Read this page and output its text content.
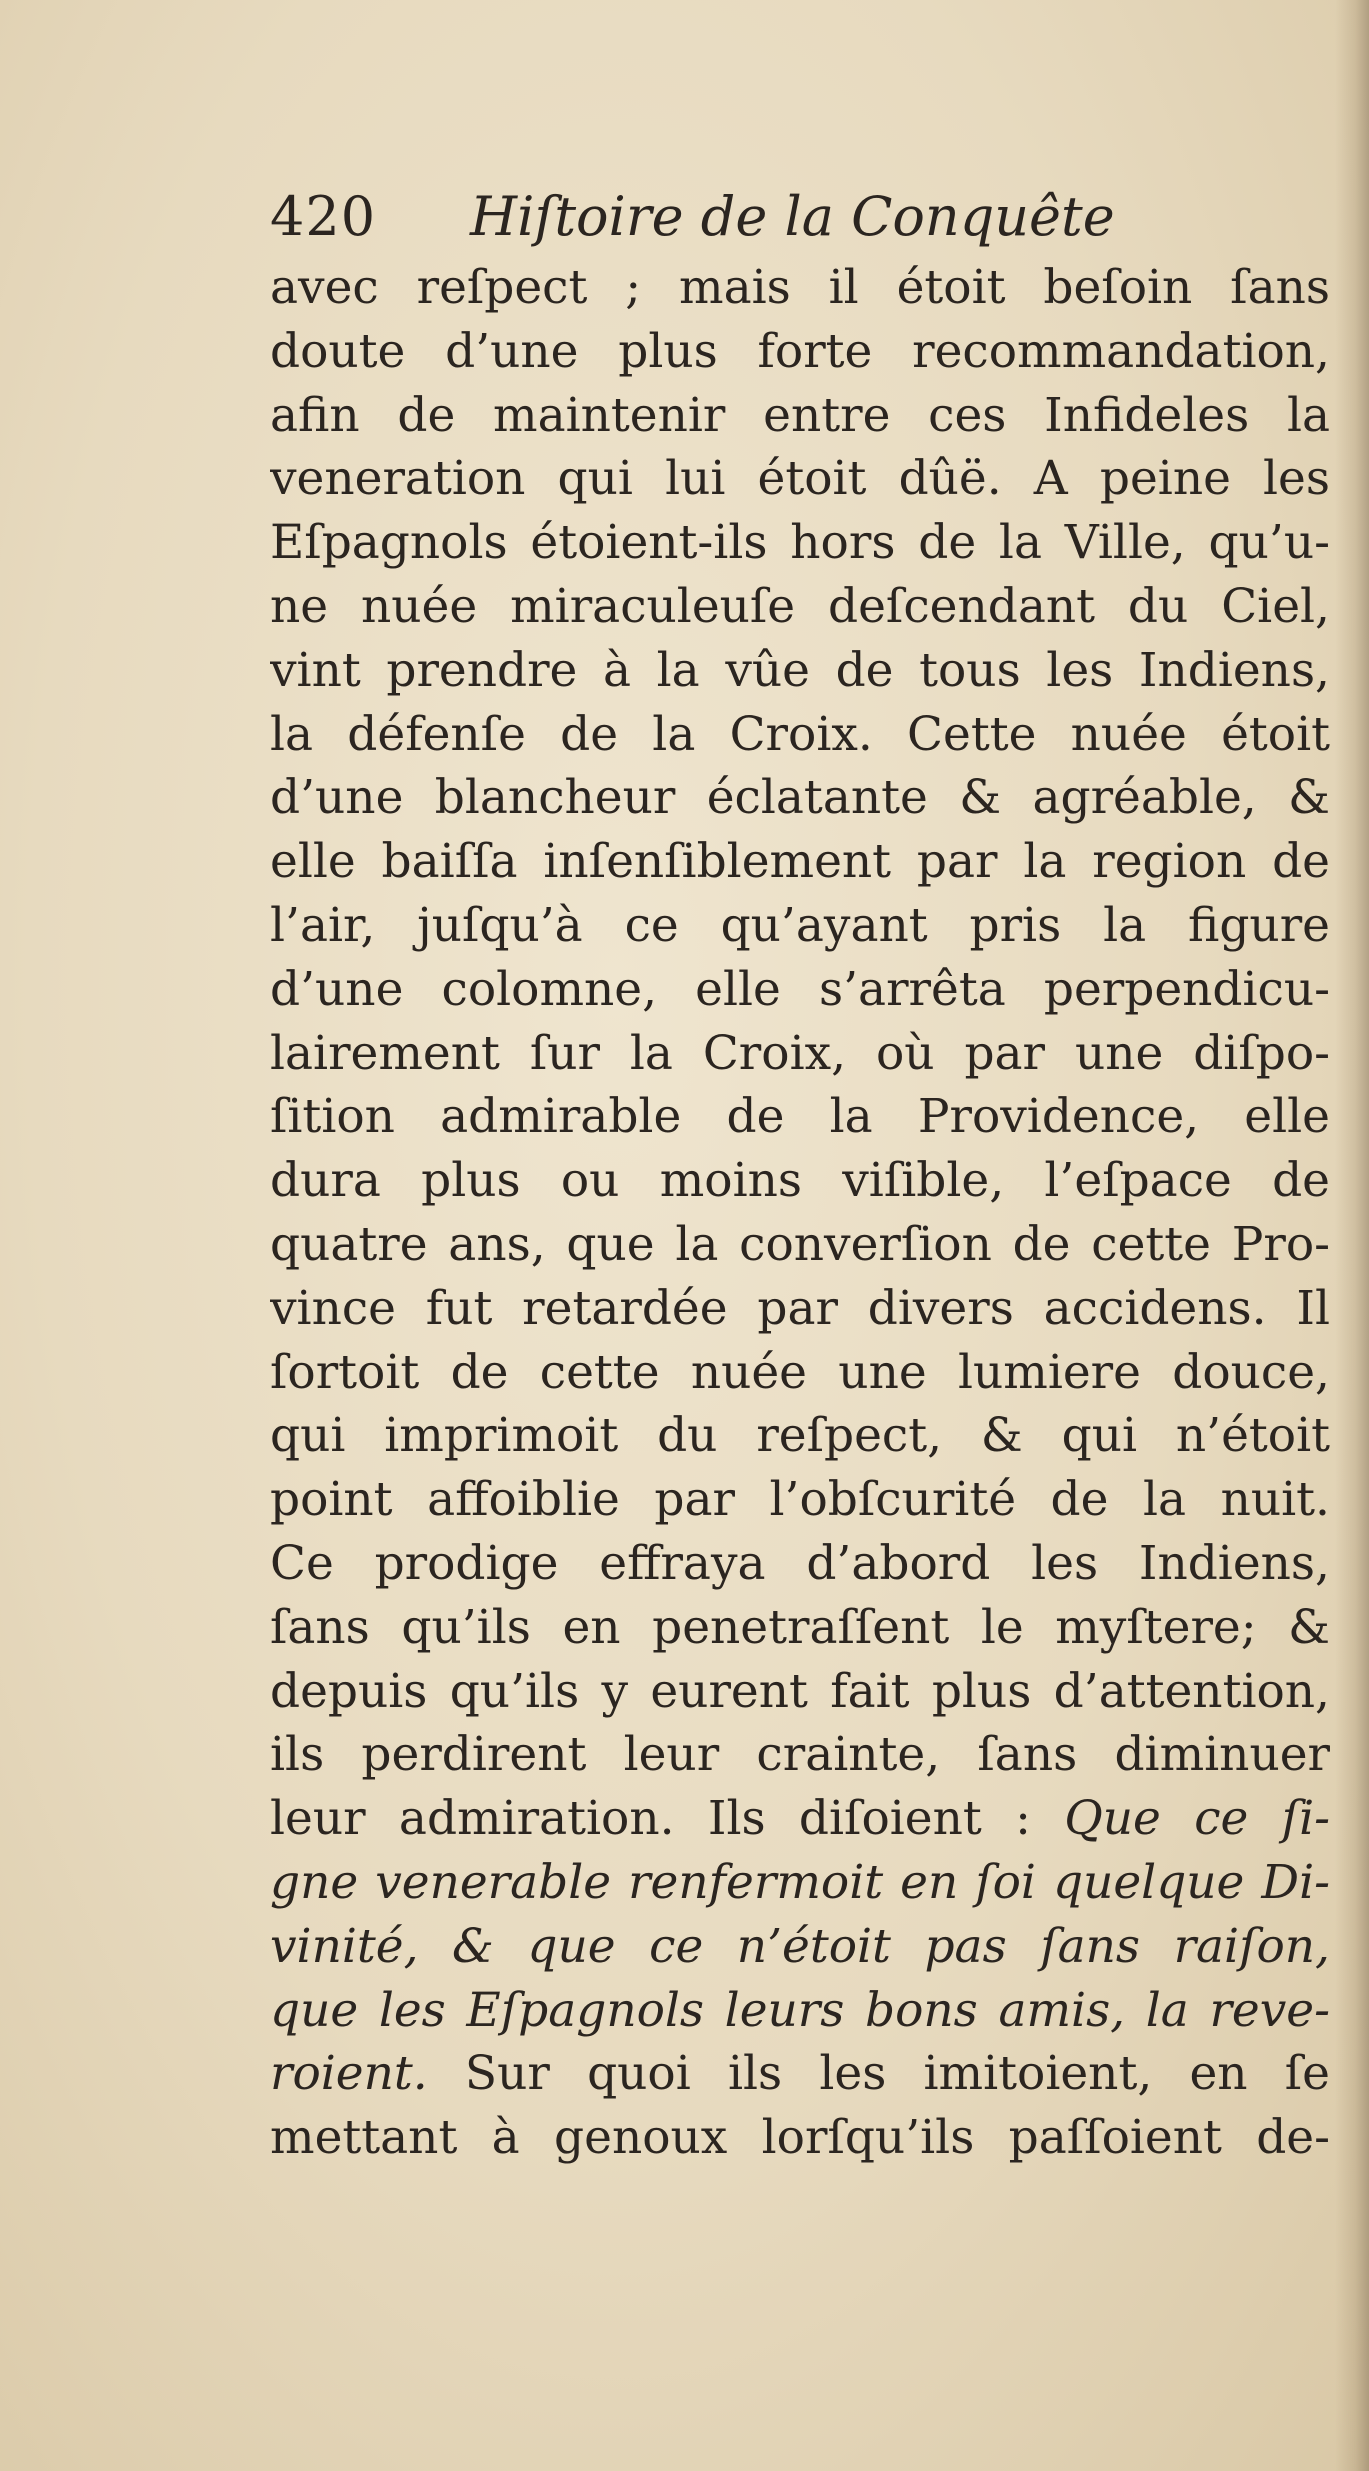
420	Hiſtoire de la Conquête
avec reſpect ; mais il étoit beſoin ſans
doute d’une plus forte recommandation,
afin de maintenir entre ces Infideles la
veneration qui lui étoit dûë. A peine les
Eſpagnols étoient-ils hors de la Ville, qu’u-
ne nuée miraculeuſe deſcendant du Ciel,
vint prendre à la vûe de tous les Indiens,
la défenſe de la Croix. Cette nuée étoit
d’une blancheur éclatante & agréable, &
elle baiſſa inſenſiblement par la region de
l’air, juſqu’à ce qu’ayant pris la figure
d’une colomne, elle s’arrêta perpendicu-
lairement ſur la Croix, où par une diſpo-
ſition admirable de la Providence, elle
dura plus ou moins viſible, l’eſpace de
quatre ans, que la converſion de cette Pro-
vince fut retardée par divers accidens. Il
ſortoit de cette nuée une lumiere douce,
qui imprimoit du reſpect, & qui n’étoit
point affoiblie par l’obſcurité de la nuit.
Ce prodige effraya d’abord les Indiens,
ſans qu’ils en penetraſſent le myſtere; &
depuis qu’ils y eurent fait plus d’attention,
ils perdirent leur crainte, ſans diminuer
leur admiration. Ils diſoient : Que ce ſi-
gne venerable renfermoit en ſoi quelque Di-
vinité, & que ce n’étoit pas ſans raiſon,
que les Eſpagnols leurs bons amis, la reve-
roient. Sur quoi ils les imitoient, en ſe
mettant à genoux lorſqu’ils paſſoient de-
